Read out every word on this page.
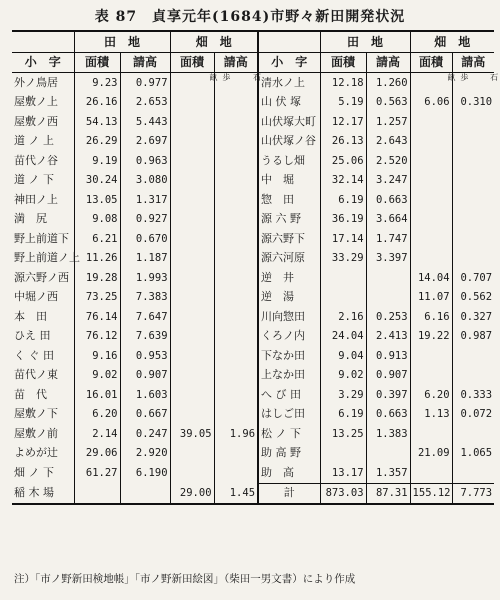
表 87　貞享元年(1684)市野々新田開発状況
	田　地		畑　地			田　地		畑　地	
小　字	面積	請高	面積	請高	小　字	面積	請高	面積	請高
外ノ鳥居	9.23	0.977	畝 歩	石	清水ノ上	12.18	1.260	畝 歩	石

屋敷ノ上	26.16	2.653			山 伏 塚	5.19	0.563	6.06	0.310
屋敷ノ西	54.13	5.443			山伏塚大町	12.17	1.257		
道 ノ 上	26.29	2.697			山伏塚ノ谷	26.13	2.643		
苗代ノ谷	9.19	0.963			うるし畑	25.06	2.520		
道 ノ 下	30.24	3.080			中　堀	32.14	3.247		
神田ノ上	13.05	1.317			惣　田	6.19	0.663		
満　尻	9.08	0.927			源 六 野	36.19	3.664		
野上前道下	6.21	0.670			源六野下	17.14	1.747		
野上前道ノ上	11.26	1.187			源六河原	33.29	3.397		
源六野ノ西	19.28	1.993			逆　井			14.04	0.707
中堀ノ西	73.25	7.383			逆　湯			11.07	0.562
本　田	76.14	7.647			川向惣田	2.16	0.253	6.16	0.327
ひえ 田	76.12	7.639			くろノ内	24.04	2.413	19.22	0.987
く ぐ 田	9.16	0.953			下なか田	9.04	0.913		
苗代ノ東	9.02	0.907			上なか田	9.02	0.907		
苗　代	16.01	1.603			へ び 田	3.29	0.397	6.20	0.333
屋敷ノ下	6.20	0.667			はしご田	6.19	0.663	1.13	0.072
屋敷ノ前	2.14	0.247	39.05	1.96	松 ノ 下	13.25	1.383		
よめが辻	29.06	2.920			助 高 野			21.09	1.065
畑 ノ 下	61.27	6.190			助　高	13.17	1.357		
稲 木 場			29.00	1.45	計	873.03	87.31	155.12	7.773
注）「市ノ野新田検地帳」「市ノ野新田絵図」（柴田一男文書）により作成
